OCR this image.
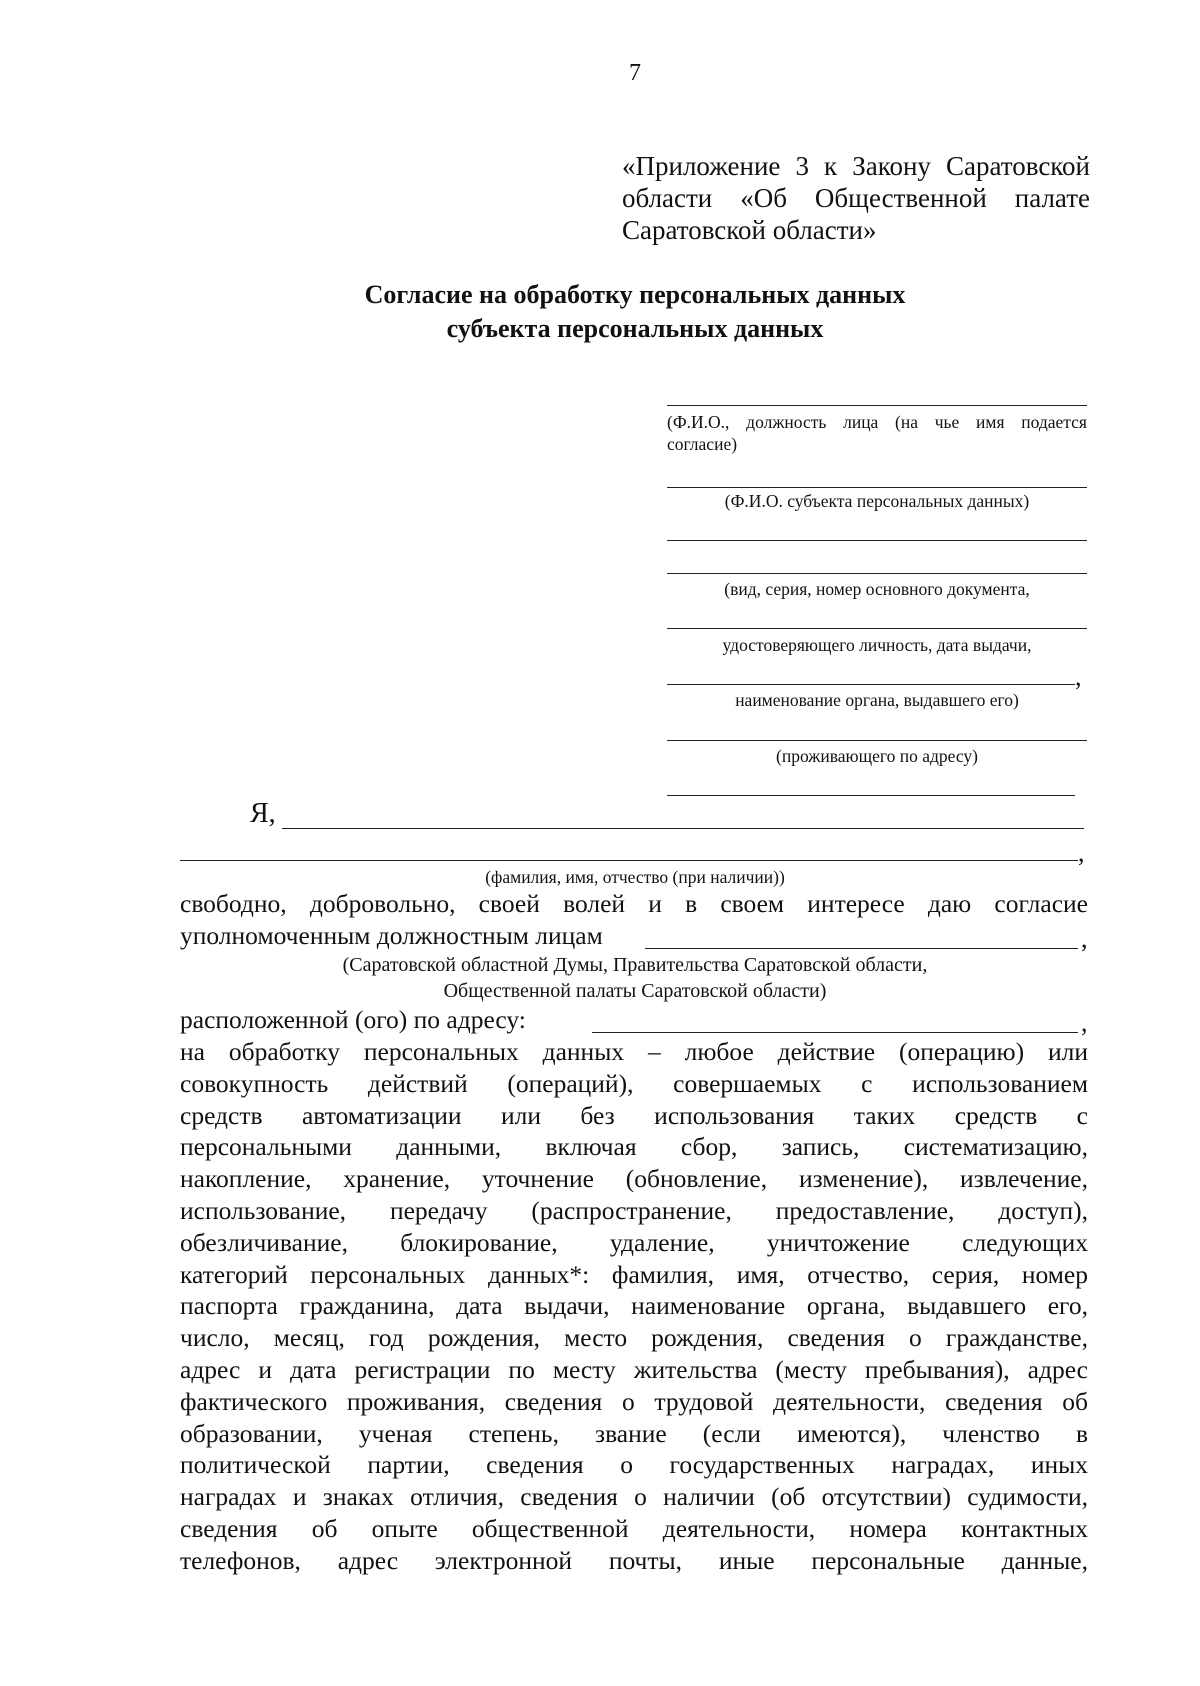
7
«Приложение 3 к Закону Саратовской
области «Об Общественной палате
Саратовской области»
Согласие на обработку персональных данных
субъекта персональных данных
(Ф.И.О., должность лица (на чье имя подается согласие)
(Ф.И.О. субъекта персональных данных)
(вид, серия, номер основного документа,
удостоверяющего личность, дата выдачи,
,
наименование органа, выдавшего его)
(проживающего по адресу)
Я,
,
(фамилия, имя, отчество (при наличии))
свободно, добровольно, своей волей и в своем интересе даю согласие
уполномоченным должностным лицам	,
(Саратовской областной Думы, Правительства Саратовской области,
Общественной палаты Саратовской области)
расположенной (ого) по адресу:	,
на обработку персональных данных – любое действие (операцию) или
совокупность действий (операций), совершаемых с использованием
средств автоматизации или без использования таких средств с
персональными данными, включая сбор, запись, систематизацию,
накопление, хранение, уточнение (обновление, изменение), извлечение,
использование, передачу (распространение, предоставление, доступ),
обезличивание, блокирование, удаление, уничтожение следующих
категорий персональных данных*: фамилия, имя, отчество, серия, номер
паспорта гражданина, дата выдачи, наименование органа, выдавшего его,
число, месяц, год рождения, место рождения, сведения о гражданстве,
адрес и дата регистрации по месту жительства (месту пребывания), адрес
фактического проживания, сведения о трудовой деятельности, сведения об
образовании, ученая степень, звание (если имеются), членство в
политической партии, сведения о государственных наградах, иных
наградах и знаках отличия, сведения о наличии (об отсутствии) судимости,
сведения об опыте общественной деятельности, номера контактных
телефонов, адрес электронной почты, иные персональные данные,
